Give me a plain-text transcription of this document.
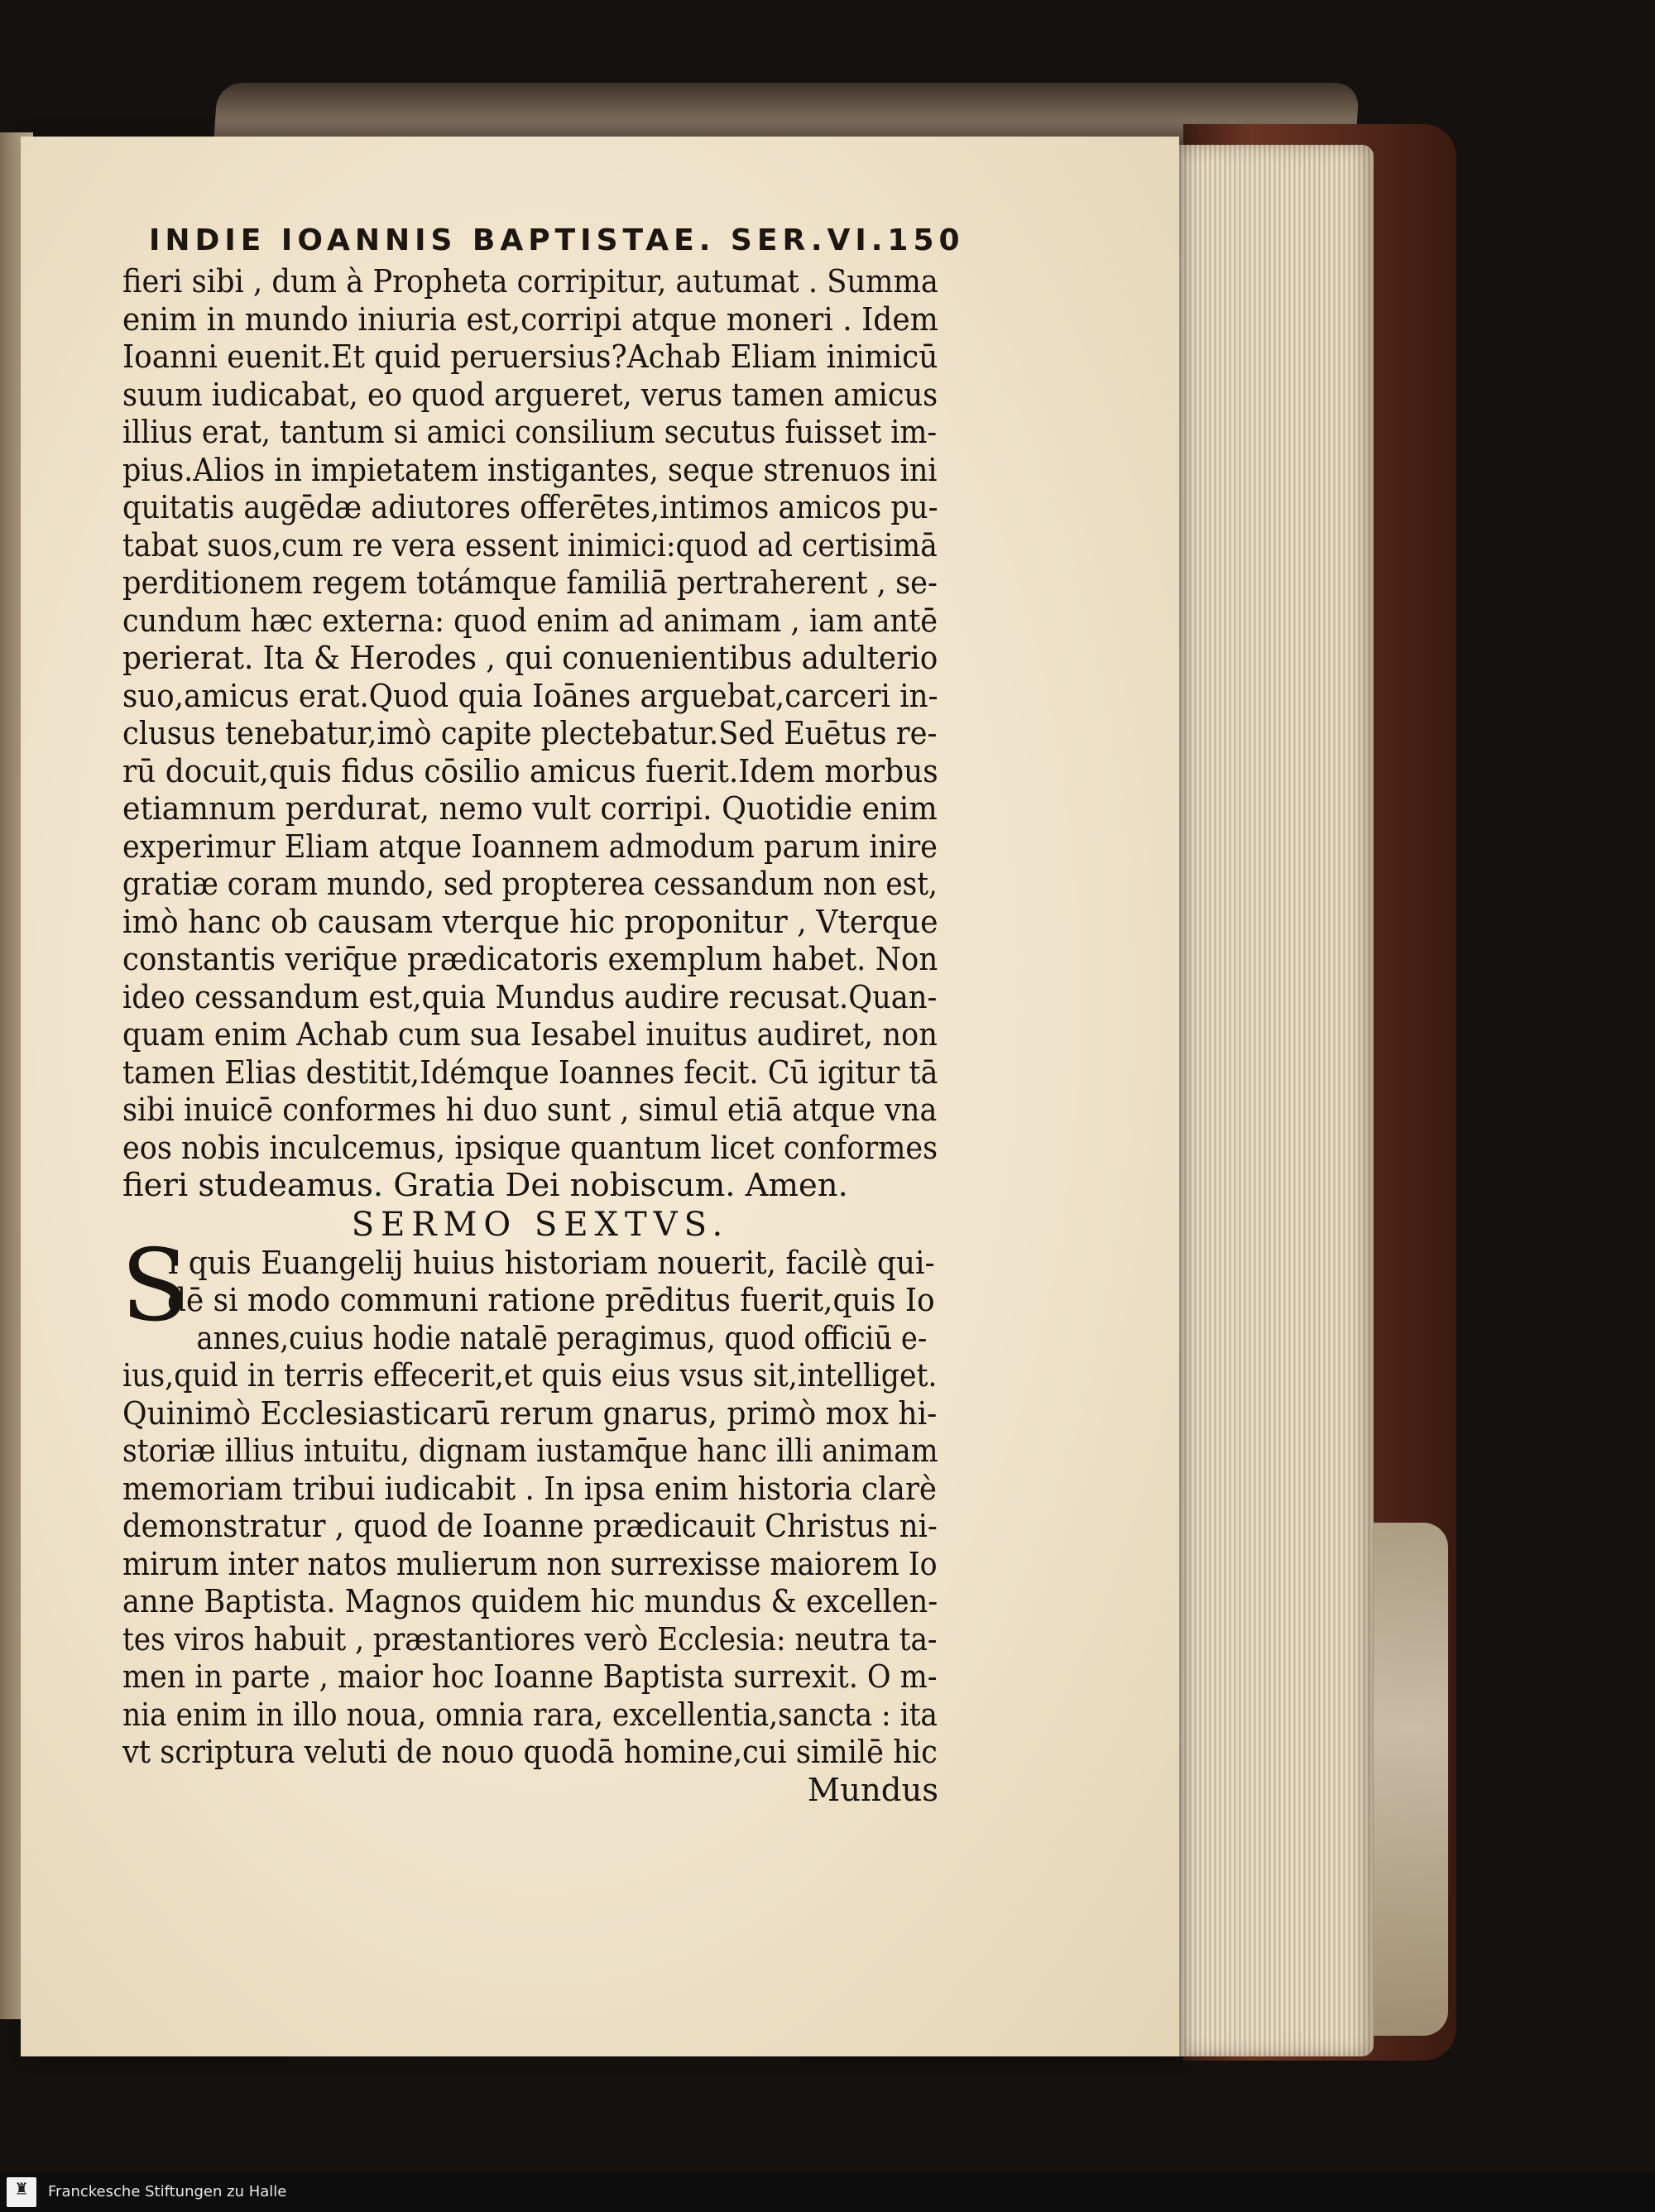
INDIE IOANNIS BAPTISTAE. SER.VI.150
fieri sibi , dum à Propheta corripitur, autumat . Summa
enim in mundo iniuria est,corripi atque moneri . Idem
Ioanni euenit.Et quid peruersius?Achab Eliam inimicū
suum iudicabat, eo quod argueret, verus tamen amicus
illius erat, tantum si amici consilium secutus fuisset im-
pius.Alios in impietatem instigantes, seque strenuos ini
quitatis augēdæ adiutores offerētes,intimos amicos pu-
tabat suos,cum re vera essent inimici:quod ad certisimā
perditionem regem totámque familiā pertraherent , se-
cundum hæc externa: quod enim ad animam , iam antē
perierat. Ita & Herodes , qui conuenientibus adulterio
suo,amicus erat.Quod quia Ioānes arguebat,carceri in-
clusus tenebatur,imò capite plectebatur.Sed Euētus re-
rū docuit,quis fidus cōsilio amicus fuerit.Idem morbus
etiamnum perdurat, nemo vult corripi. Quotidie enim
experimur Eliam atque Ioannem admodum parum inire
gratiæ coram mundo, sed propterea cessandum non est,
imò hanc ob causam vterque hic proponitur , Vterque
constantis veriq̄ue prædicatoris exemplum habet. Non
ideo cessandum est,quia Mundus audire recusat.Quan-
quam enim Achab cum sua Iesabel inuitus audiret, non
tamen Elias destitit,Idémque Ioannes fecit. Cū igitur tā
sibi inuicē conformes hi duo sunt , simul etiā atque vna
eos nobis inculcemus, ipsique quantum licet conformes
fieri studeamus. Gratia Dei nobiscum. Amen.
SERMO SEXTVS.
S
I quis Euangelij huius historiam nouerit, facilè qui-
dē si modo communi ratione prēditus fuerit,quis Io
annes,cuius hodie natalē peragimus, quod officiū e-
ius,quid in terris effecerit,et quis eius vsus sit,intelliget.
Quinimò Ecclesiasticarū rerum gnarus, primò mox hi-
storiæ illius intuitu, dignam iustamq̄ue hanc illi animam
memoriam tribui iudicabit . In ipsa enim historia clarè
demonstratur , quod de Ioanne prædicauit Christus ni-
mirum inter natos mulierum non surrexisse maiorem Io
anne Baptista. Magnos quidem hic mundus & excellen-
tes viros habuit , præstantiores verò Ecclesia: neutra ta-
men in parte , maior hoc Ioanne Baptista surrexit. O m-
nia enim in illo noua, omnia rara, excellentia,sancta : ita
vt scriptura veluti de nouo quodā homine,cui similē hic
Mundus
♜	Franckesche Stiftungen zu Halle
